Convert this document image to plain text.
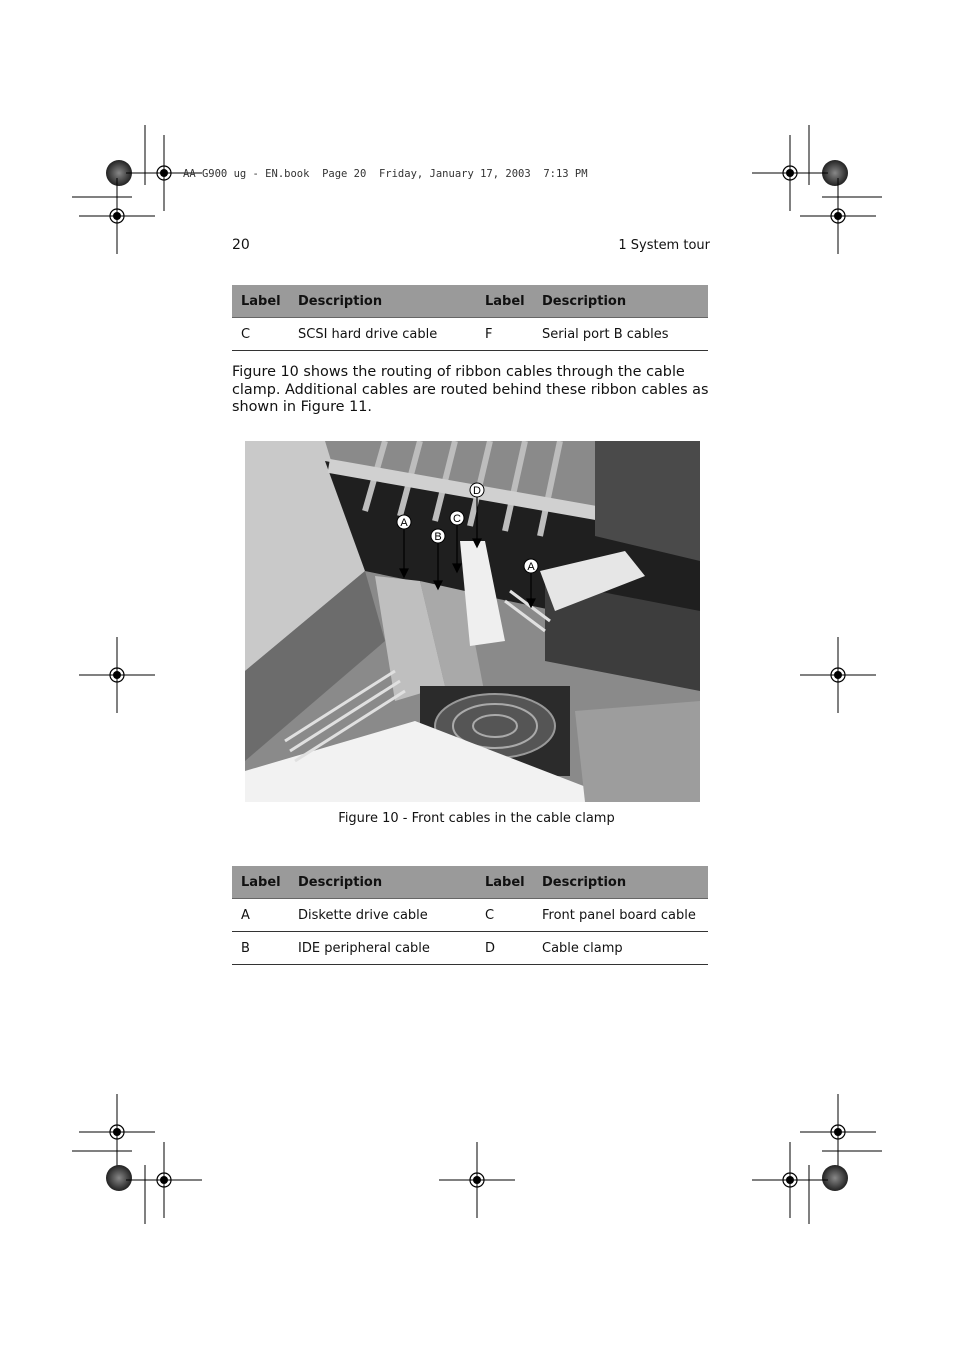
AA G900 ug - EN.book  Page 20  Friday, January 17, 2003  7:13 PM
20	1 System tour
Label	Description	Label	Description
C	SCSI hard drive cable	F	Serial port B cables
Figure 10 shows the routing of ribbon cables through the cable clamp. Additional cables are routed behind these ribbon cables as shown in Figure 11.
A
B
C
D
A
Figure 10 - Front cables in the cable clamp
Label	Description	Label	Description
A	Diskette drive cable	C	Front panel board cable
B	IDE peripheral cable	D	Cable clamp
